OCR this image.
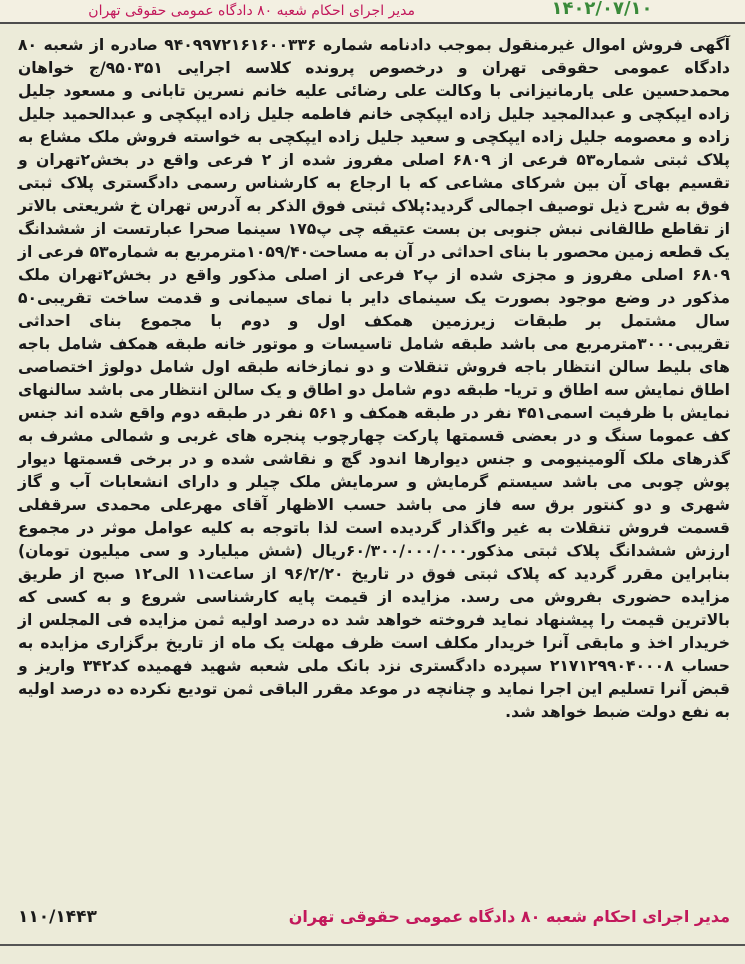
مدیر اجرای احکام شعبه ۸۰ دادگاه عمومی حقوقی تهران	۱۴۰۲/۰۷/۱۰

آگهی فروش اموال غیرمنقول بموجب دادنامه شماره ۹۴۰۹۹۷۲۱۶۱۶۰۰۳۳۶ صادره از شعبه ۸۰ دادگاه عمومی حقوقی تهران و درخصوص پرونده کلاسه اجرایی ۹۵۰۳۵۱/ج خواهان محمدحسین علی یارمانیزانی با وکالت علی رضائی علیه خانم نسرین تابانی و مسعود جلیل زاده ایپکچی و عبدالمجید جلیل زاده ایپکچی خانم فاطمه جلیل زاده ایپکچی و عبدالحمید جلیل زاده و معصومه جلیل زاده ایپکچی و سعید جلیل زاده ایپکچی به خواسته فروش ملک مشاع به پلاک ثبتی شماره۵۳ فرعی از ۶۸۰۹ اصلی مفروز شده از ۲ فرعی واقع در بخش۲تهران و تقسیم بهای آن بین شرکای مشاعی که با ارجاع به کارشناس رسمی دادگستری پلاک ثبتی فوق به شرح ذیل توصیف اجمالی گردید:پلاک ثبتی فوق الذکر به آدرس تهران خ شریعتی بالاتر از تقاطع طالقانی نبش جنوبی بن بست عتیقه چی پ۱۷۵ سینما صحرا عبارتست از ششدانگ یک قطعه زمین محصور با بنای احداثی در آن به مساحت۱۰۵۹/۴۰مترمربع به شماره۵۳ فرعی از ۶۸۰۹ اصلی مفروز و مجزی شده از پ۲ فرعی از اصلی مذکور واقع در بخش۲تهران ملک مذکور در وضع موجود بصورت یک سینمای دایر با نمای سیمانی و قدمت ساخت تقریبی۵۰ سال مشتمل بر طبقات زیرزمین همکف اول و دوم با مجموع بنای احداثی تقریبی۳۰۰۰مترمربع می باشد طبقه شامل تاسیسات و موتور خانه طبقه همکف شامل باجه های بلیط سالن انتظار باجه فروش تنقلات و دو نمازخانه طبقه اول شامل دولوژ اختصاصی اطاق نمایش سه اطاق و تریا- طبقه دوم شامل دو اطاق و یک سالن انتظار می باشد سالنهای نمایش با ظرفیت اسمی۴۵۱ نفر در طبقه همکف و ۵۶۱ نفر در طبقه دوم واقع شده اند جنس کف عموما سنگ و در بعضی قسمتها پارکت چهارچوب پنجره های غربی و شمالی مشرف به گذرهای ملک آلومینیومی و جنس دیوارها اندود گچ و نقاشی شده و در برخی قسمتها دیوار پوش چوبی می باشد سیستم گرمایش و سرمایش ملک چیلر و دارای انشعابات آب و گاز شهری و دو کنتور برق سه فاز می باشد حسب الاظهار آقای مهرعلی محمدی سرقفلی قسمت فروش تنقلات به غیر واگذار گردیده است لذا باتوجه به کلیه عوامل موثر در مجموع ارزش ششدانگ پلاک ثبتی مذکور۶۰/۳۰۰/۰۰۰/۰۰۰ریال (شش میلیارد و سی میلیون تومان) بنابراین مقرر گردید که پلاک ثبتی فوق در تاریخ ۹۶/۲/۲۰ از ساعت۱۱ الی۱۲ صبح از طریق مزایده حضوری بفروش می رسد. مزایده از قیمت پایه کارشناسی شروع و به کسی که بالاترین قیمت را پیشنهاد نماید فروخته خواهد شد ده درصد اولیه ثمن مزایده فی المجلس از خریدار اخذ و مابقی آنرا خریدار مکلف است ظرف مهلت یک ماه از تاریخ برگزاری مزایده به حساب ۲۱۷۱۲۹۹۰۴۰۰۰۸ سپرده دادگستری نزد بانک ملی شعبه شهید فهمیده کد۳۴۲ واریز و قبض آنرا تسلیم این اجرا نماید و چنانچه در موعد مقرر الباقی ثمن تودیع نکرده ده درصد اولیه به نفع دولت ضبط خواهد شد.

مدیر اجرای احکام شعبه ۸۰ دادگاه عمومی حقوقی تهران
۱۱۰/۱۴۴۳
